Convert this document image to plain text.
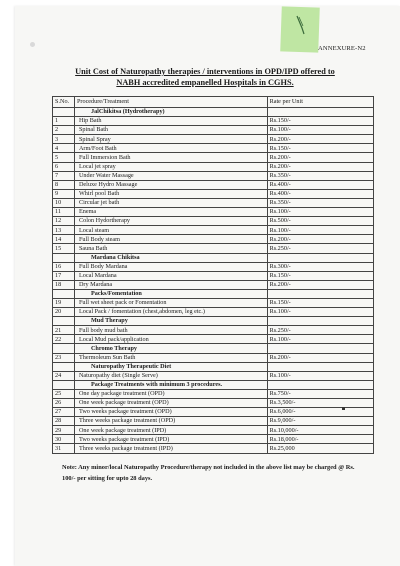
ANNEXURE-N2
Unit Cost of Naturopathy therapies / interventions in OPD/IPD offered to
NABH accredited empanelled Hospitals in CGHS.
S.No.	Procedure/Treatment	Rate per Unit
	JalChikitsa (Hydrotherapy)	
1	Hip Bath	Rs.150/-
2	Spinal Bath	Rs.100/-
3	Spinal Spray	Rs.200/-
4	Arm/Foot Bath	Rs.150/-
5	Full Immersion Bath	Rs.200/-
6	Local jet spray	Rs.200/-
7	Under Water Massage	Rs.350/-
8	Deluxe Hydro Massage	Rs.400/-
9	Whirl pool Bath	Rs.400/-
10	Circular jet bath	Rs.350/-
11	Enema	Rs.100/-
12	Colon Hydortherapy	Rs.500/-
13	Local steam	Rs.100/-
14	Full Body steam	Rs.200/-
15	Sauna Bath	Rs.250/-
	Mardana Chikitsa	
16	Full Body Mardana	Rs.300/-
17	Local Mardana	Rs.150/-
18	Dry Mardana	Rs.200/-
	Packs/Fomentation	
19	Full wet sheet pack or Fomentation	Rs.150/-
20	Local Pack / fomentation (chest,abdomen, leg etc.)	Rs.100/-
	Mud Therapy	
21	Full body mud bath	Rs.250/-
22	Local Mud pack/application	Rs.100/-
	Chromo Therapy	
23	Thermoleum Sun Bath	Rs.200/-
	Naturopathy Therapeutic Diet	
24	Naturopathy diet (Single Serve)	Rs.100/-
	Package Treatments with minimum 3 procedures.	
25	One day package treatment (OPD)	Rs.750/-
26	One week package treatment (OPD)	Rs.3,500/-
27	Two weeks package treatment (OPD)	Rs.6,000/-
28	Three weeks package treatment (OPD)	Rs.9,000/-
29	One week package treatment (IPD)	Rs.10,000/-
30	Two weeks package treatment (IPD)	Rs.18,000/-
31	Three weeks package treatment (IPD)	Rs.25,000
Note: Any minor/local Naturopathy Procedure/therapy not included in the above list may be charged @ Rs. 100/- per sitting for upto 28 days.
